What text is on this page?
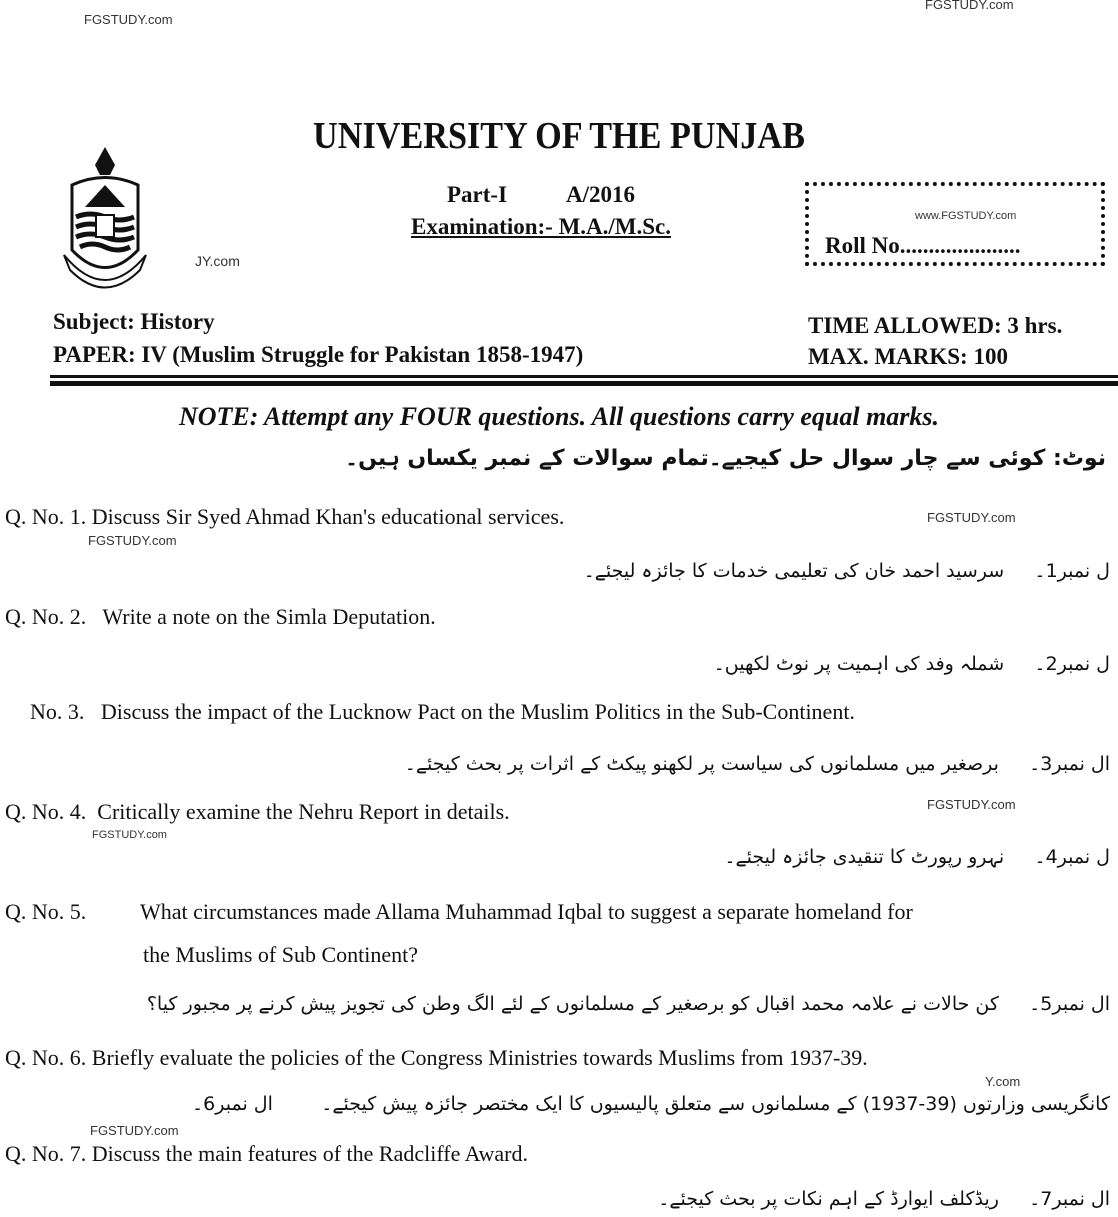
FGSTUDY.com
FGSTUDY.com
UNIVERSITY OF THE PUNJAB
JY.com
Part-I	A/2016
Examination:- M.A./M.Sc.
Roll No.....................
www.FGSTUDY.com
Subject: History
PAPER: IV (Muslim Struggle for Pakistan 1858-1947)
TIME ALLOWED: 3 hrs.
MAX. MARKS: 100
NOTE: Attempt any FOUR questions. All questions carry equal marks.
نوٹ: کوئی سے چار سوال حل کیجیے۔تمام سوالات کے نمبر یکساں ہیں۔
Q. No. 1. Discuss Sir Syed Ahmad Khan's educational services.	FGSTUDY.com
FGSTUDY.com
ل نمبر1۔     سرسید احمد خان کی تعلیمی خدمات کا جائزہ لیجئے۔
Q. No. 2. Write a note on the Simla Deputation.
ل نمبر2۔     شملہ وفد کی اہمیت پر نوٹ لکھیں۔
No. 3. Discuss the impact of the Lucknow Pact on the Muslim Politics in the Sub-Continent.
ال نمبر3۔     برصغیر میں مسلمانوں کی سیاست پر لکھنو پیکٹ کے اثرات پر بحث کیجئے۔
Q. No. 4. Critically examine the Nehru Report in details.	FGSTUDY.com
FGSTUDY.com
ل نمبر4۔     نہرو رپورٹ کا تنقیدی جائزہ لیجئے۔
Q. No. 5. What circumstances made Allama Muhammad Iqbal to suggest a separate homeland for
the Muslims of Sub Continent?
ال نمبر5۔     کن حالات نے علامہ محمد اقبال کو برصغیر کے مسلمانوں کے لئے الگ وطن کی تجویز پیش کرنے پر مجبور کیا؟
Q. No. 6. Briefly evaluate the policies of the Congress Ministries towards Muslims from 1937-39.
Y.com
کانگریسی وزارتوں (39-1937) کے مسلمانوں سے متعلق پالیسیوں کا ایک مختصر جائزہ پیش کیجئے۔        ال نمبر6۔
FGSTUDY.com
Q. No. 7. Discuss the main features of the Radcliffe Award.
ال نمبر7۔     ریڈکلف ایوارڈ کے اہم نکات پر بحث کیجئے۔
